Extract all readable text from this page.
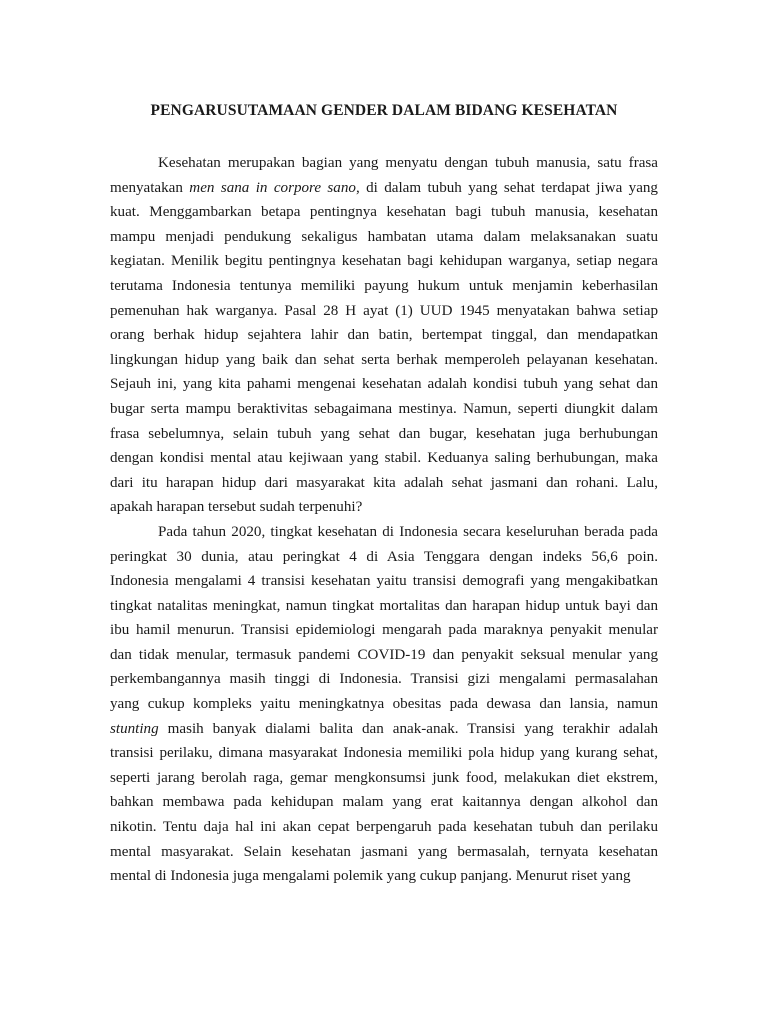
PENGARUSUTAMAAN GENDER DALAM BIDANG KESEHATAN
Kesehatan merupakan bagian yang menyatu dengan tubuh manusia, satu frasa
menyatakan men sana in corpore sano, di dalam tubuh yang sehat terdapat jiwa yang
kuat. Menggambarkan betapa pentingnya kesehatan bagi tubuh manusia, kesehatan
mampu menjadi pendukung sekaligus hambatan utama dalam melaksanakan suatu
kegiatan. Menilik begitu pentingnya kesehatan bagi kehidupan warganya, setiap negara
terutama Indonesia tentunya memiliki payung hukum untuk menjamin keberhasilan
pemenuhan hak warganya. Pasal 28 H ayat (1) UUD 1945 menyatakan bahwa setiap
orang berhak hidup sejahtera lahir dan batin, bertempat tinggal, dan mendapatkan
lingkungan hidup yang baik dan sehat serta berhak memperoleh pelayanan kesehatan.
Sejauh ini, yang kita pahami mengenai kesehatan adalah kondisi tubuh yang sehat dan
bugar serta mampu beraktivitas sebagaimana mestinya. Namun, seperti diungkit dalam
frasa sebelumnya, selain tubuh yang sehat dan bugar, kesehatan juga berhubungan
dengan kondisi mental atau kejiwaan yang stabil. Keduanya saling berhubungan, maka
dari itu harapan hidup dari masyarakat kita adalah sehat jasmani dan rohani. Lalu,
apakah harapan tersebut sudah terpenuhi?
Pada tahun 2020, tingkat kesehatan di Indonesia secara keseluruhan berada pada
peringkat 30 dunia, atau peringkat 4 di Asia Tenggara dengan indeks 56,6 poin.
Indonesia mengalami 4 transisi kesehatan yaitu transisi demografi yang mengakibatkan
tingkat natalitas meningkat, namun tingkat mortalitas dan harapan hidup untuk bayi dan
ibu hamil menurun. Transisi epidemiologi mengarah pada maraknya penyakit menular
dan tidak menular, termasuk pandemi COVID-19 dan penyakit seksual menular yang
perkembangannya masih tinggi di Indonesia. Transisi gizi mengalami permasalahan
yang cukup kompleks yaitu meningkatnya obesitas pada dewasa dan lansia, namun
stunting masih banyak dialami balita dan anak-anak. Transisi yang terakhir adalah
transisi perilaku, dimana masyarakat Indonesia memiliki pola hidup yang kurang sehat,
seperti jarang berolah raga, gemar mengkonsumsi junk food, melakukan diet ekstrem,
bahkan membawa pada kehidupan malam yang erat kaitannya dengan alkohol dan
nikotin. Tentu daja hal ini akan cepat berpengaruh pada kesehatan tubuh dan perilaku
mental masyarakat. Selain kesehatan jasmani yang bermasalah, ternyata kesehatan
mental di Indonesia juga mengalami polemik yang cukup panjang. Menurut riset yang
